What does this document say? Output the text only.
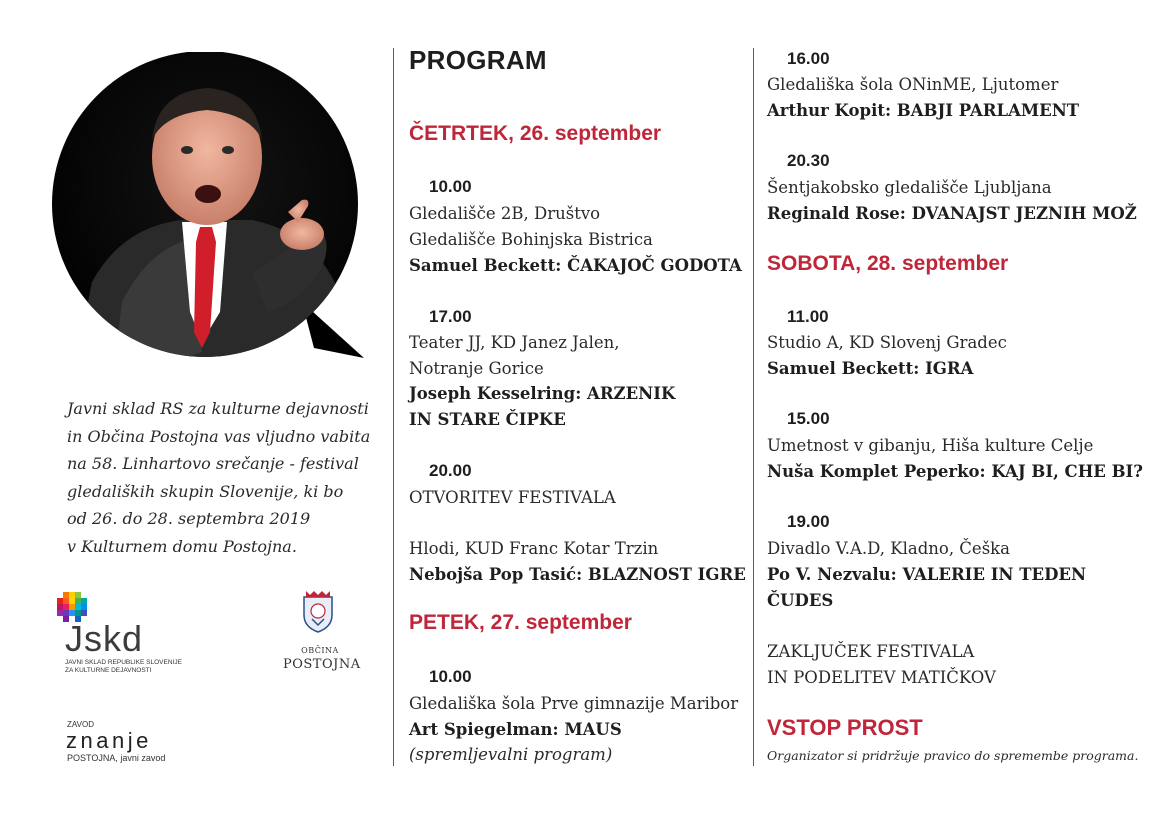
Javni sklad RS za kulturne dejavnosti
in Občina Postojna vas vljudno vabita
na 58. Linhartovo srečanje - festival
gledaliških skupin Slovenije, ki bo
od 26. do 28. septembra 2019
v Kulturnem domu Postojna.
Jskd
JAVNI SKLAD REPUBLIKE SLOVENIJE
ZA KULTURNE DEJAVNOSTI
OBČINA
POSTOJNA
ZAVOD
znanje
POSTOJNA, javni zavod
PROGRAM
ČETRTEK, 26. september
10.00
Gledališče 2B, Društvo
Gledališče Bohinjska Bistrica
Samuel Beckett: ČAKAJOČ GODOTA
17.00
Teater JJ, KD Janez Jalen,
Notranje Gorice
Joseph Kesselring: ARZENIK
IN STARE ČIPKE
20.00
OTVORITEV FESTIVALA
Hlodi, KUD Franc Kotar Trzin
Nebojša Pop Tasić: BLAZNOST IGRE
PETEK, 27. september
10.00
Gledališka šola Prve gimnazije Maribor
Art Spiegelman: MAUS
(spremljevalni program)
16.00
Gledališka šola ONinME, Ljutomer
Arthur Kopit: BABJI PARLAMENT
20.30
Šentjakobsko gledališče Ljubljana
Reginald Rose: DVANAJST JEZNIH MOŽ
SOBOTA, 28. september
11.00
Studio A, KD Slovenj Gradec
Samuel Beckett: IGRA
15.00
Umetnost v gibanju, Hiša kulture Celje
Nuša Komplet Peperko: KAJ BI, CHE BI?
19.00
Divadlo V.A.D, Kladno, Češka
Po V. Nezvalu: VALERIE IN TEDEN
ČUDES
ZAKLJUČEK FESTIVALA
IN PODELITEV MATIČKOV
VSTOP PROST
Organizator si pridržuje pravico do spremembe programa.
